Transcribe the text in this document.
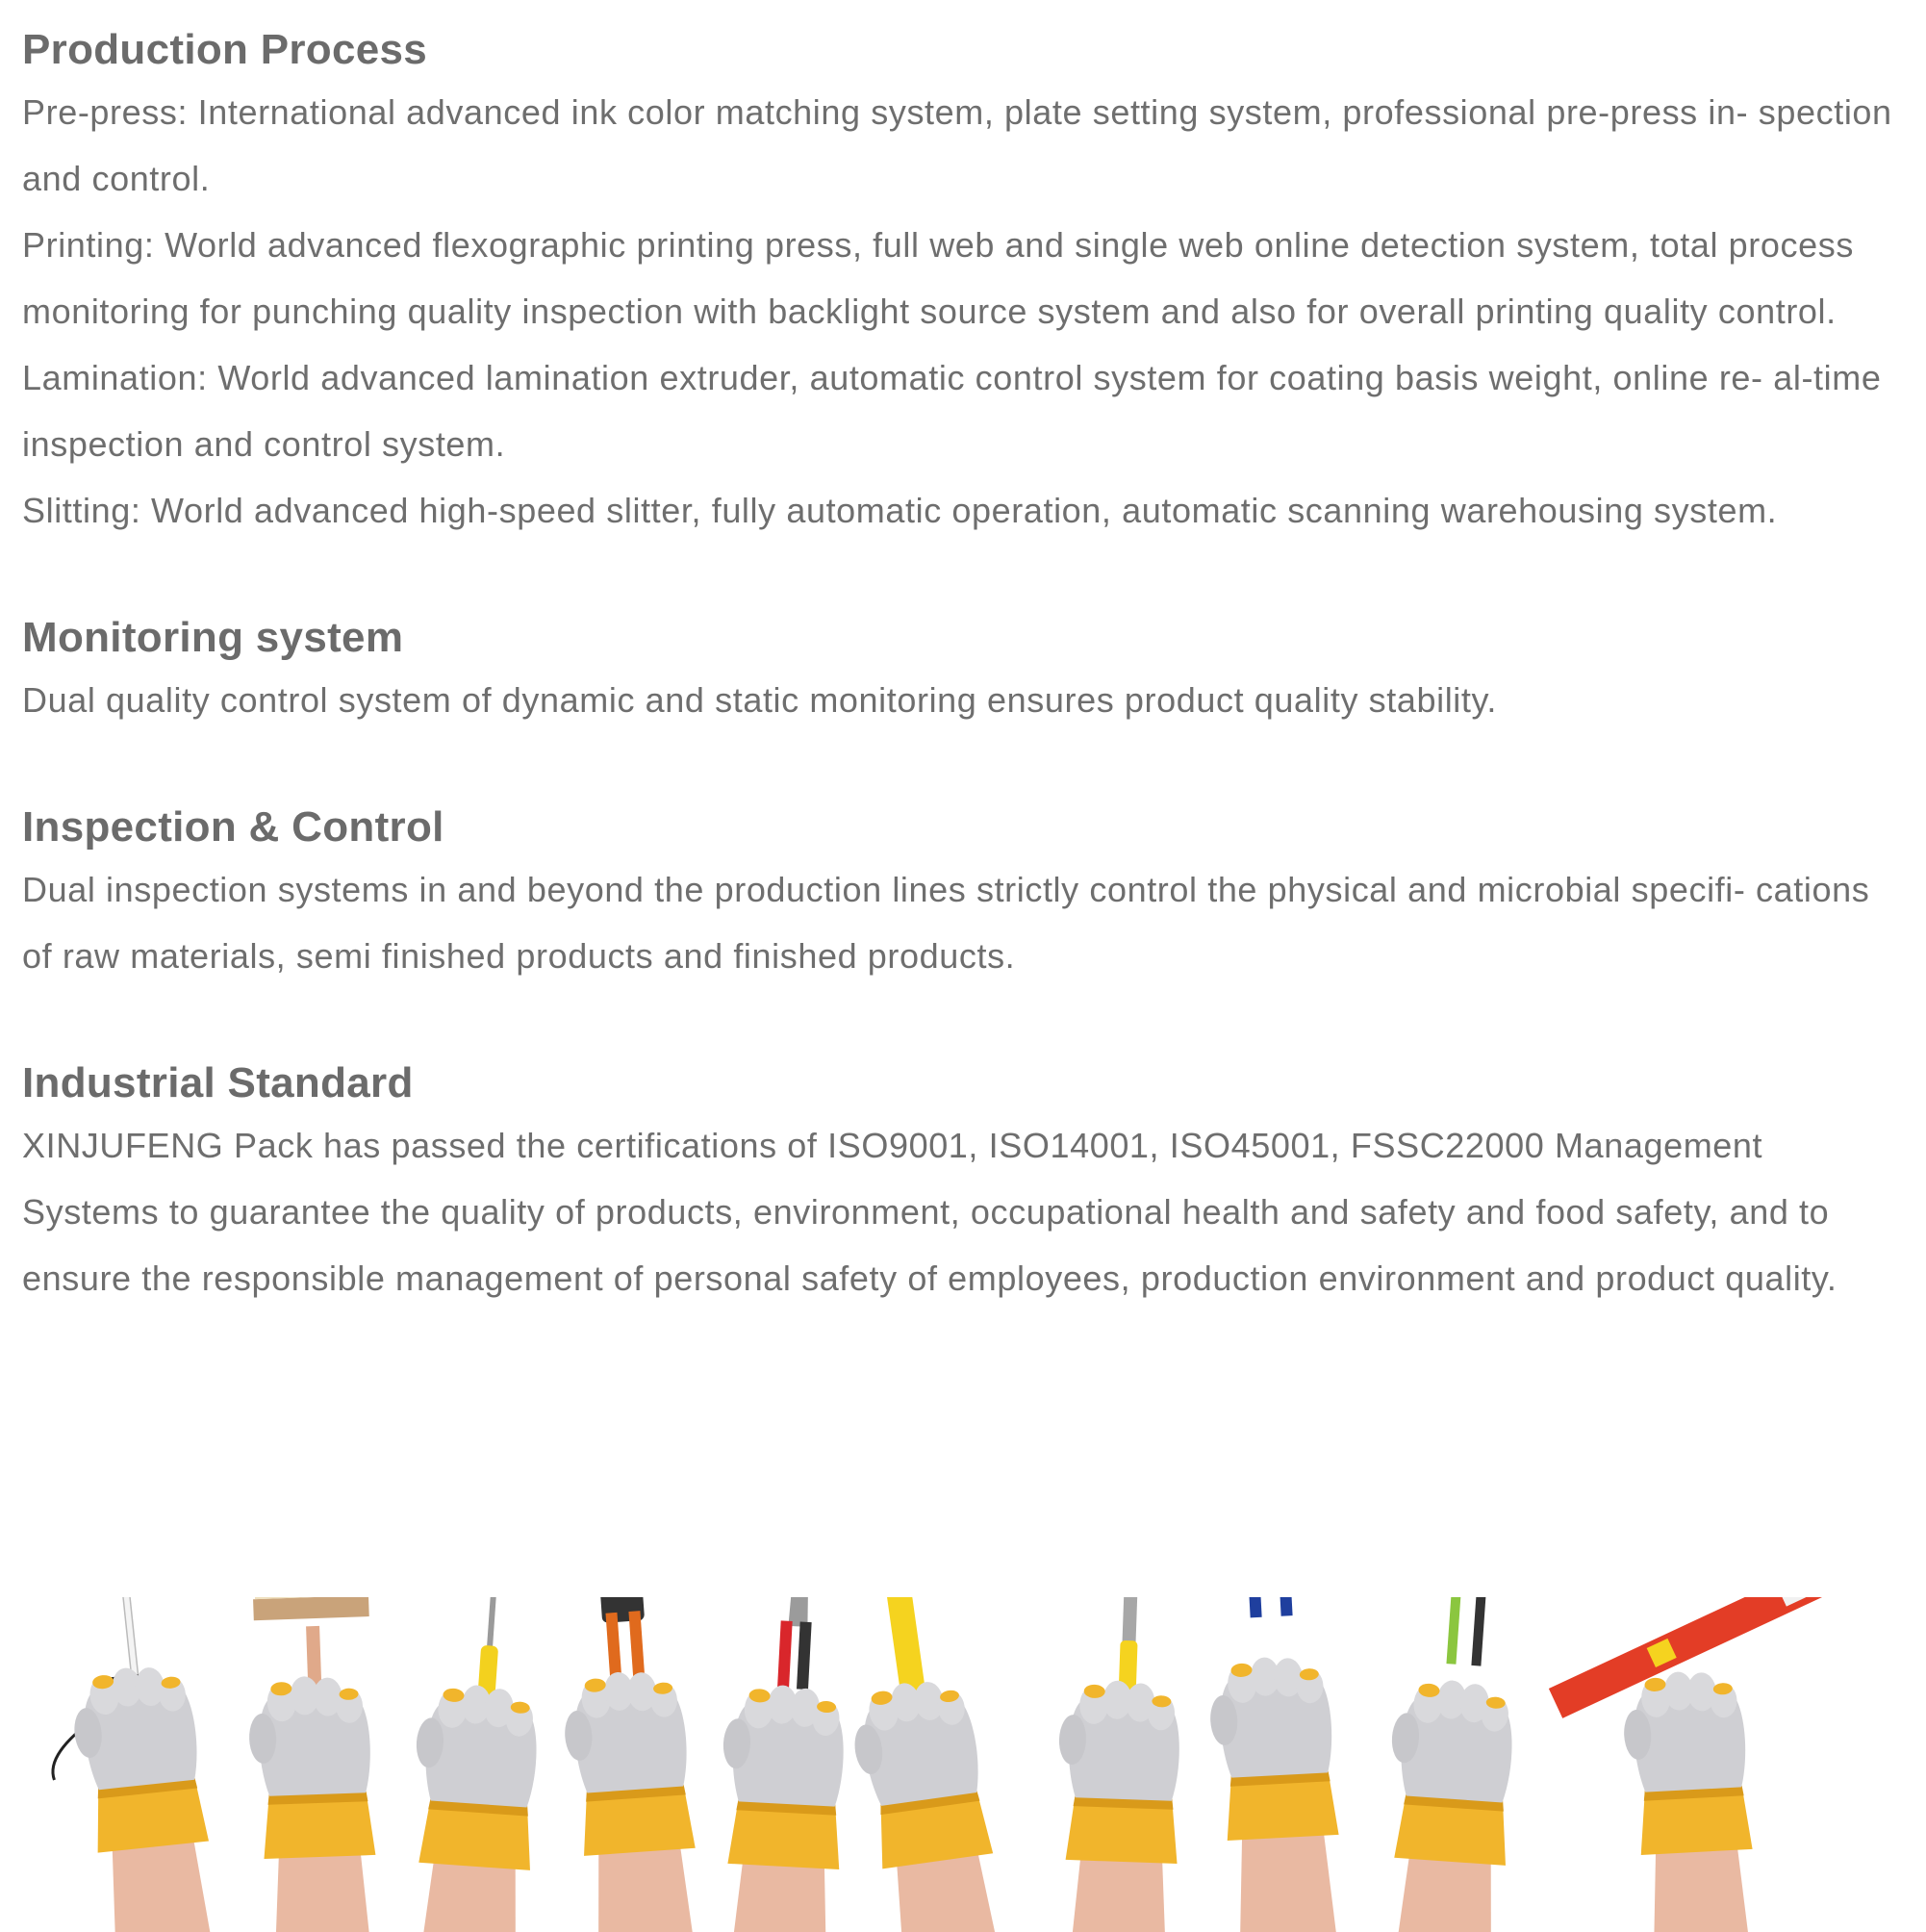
Production Process

Pre-press: International advanced ink color matching system, plate setting system, professional pre-press in- spection and control.

Printing: World advanced flexographic printing press, full web and single web online detection system, total process monitoring for punching quality inspection with backlight source system and also for overall printing quality control.

Lamination: World advanced lamination extruder, automatic control system for coating basis weight, online re- al-time inspection and control system.

Slitting: World advanced high-speed slitter, fully automatic operation, automatic scanning warehousing system.

Monitoring system

Dual quality control system of dynamic and static monitoring ensures product quality stability.

Inspection & Control

Dual inspection systems in and beyond the production lines strictly control the physical and microbial specifi- cations of raw materials, semi finished products and finished products.

Industrial Standard

XINJUFENG Pack has passed the certifications of ISO9001, ISO14001, ISO45001, FSSC22000 Management Systems to guarantee the quality of products, environment, occupational health and safety and food safety, and to ensure the responsible management of personal safety of employees, production environment and product quality.
